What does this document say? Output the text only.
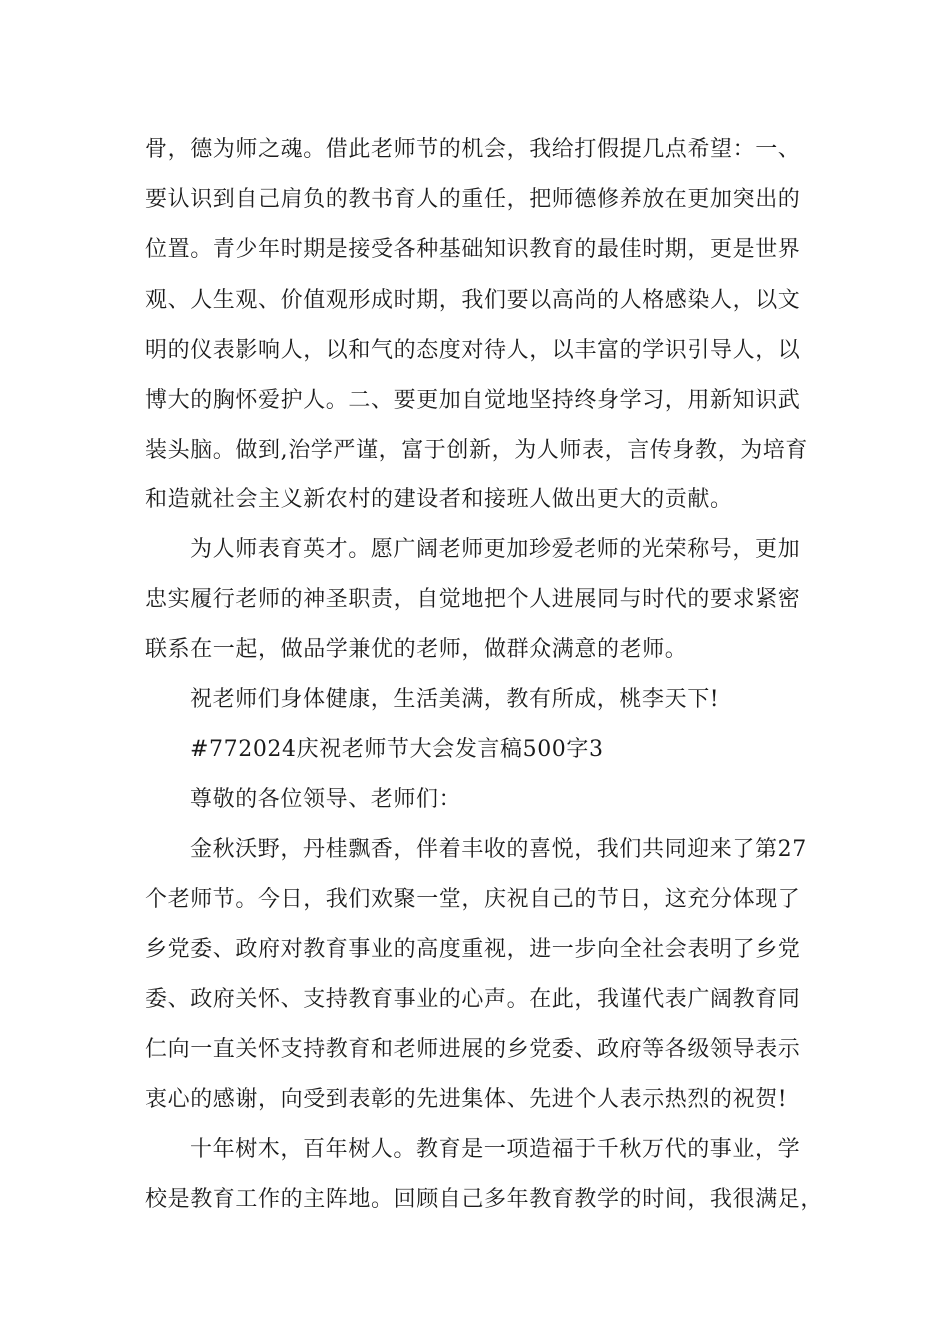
骨，德为师之魂。借此老师节的机会，我给打假提几点希望：一、
要认识到自己肩负的教书育人的重任，把师德修养放在更加突出的
位置。青少年时期是接受各种基础知识教育的最佳时期，更是世界
观、人生观、价值观形成时期，我们要以高尚的人格感染人，以文
明的仪表影响人，以和气的态度对待人，以丰富的学识引导人，以
博大的胸怀爱护人。二、要更加自觉地坚持终身学习，用新知识武
装头脑。做到,治学严谨，富于创新，为人师表，言传身教，为培育
和造就社会主义新农村的建设者和接班人做出更大的贡献。
为人师表育英才。愿广阔老师更加珍爱老师的光荣称号，更加
忠实履行老师的神圣职责，自觉地把个人进展同与时代的要求紧密
联系在一起，做品学兼优的老师，做群众满意的老师。
祝老师们身体健康，生活美满，教有所成，桃李天下!
#772024庆祝老师节大会发言稿500字3
尊敬的各位领导、老师们：
金秋沃野，丹桂飘香，伴着丰收的喜悦，我们共同迎来了第27
个老师节。今日，我们欢聚一堂，庆祝自己的节日，这充分体现了
乡党委、政府对教育事业的高度重视，进一步向全社会表明了乡党
委、政府关怀、支持教育事业的心声。在此，我谨代表广阔教育同
仁向一直关怀支持教育和老师进展的乡党委、政府等各级领导表示
衷心的感谢，向受到表彰的先进集体、先进个人表示热烈的祝贺!
十年树木，百年树人。教育是一项造福于千秋万代的事业，学
校是教育工作的主阵地。回顾自己多年教育教学的时间，我很满足，
